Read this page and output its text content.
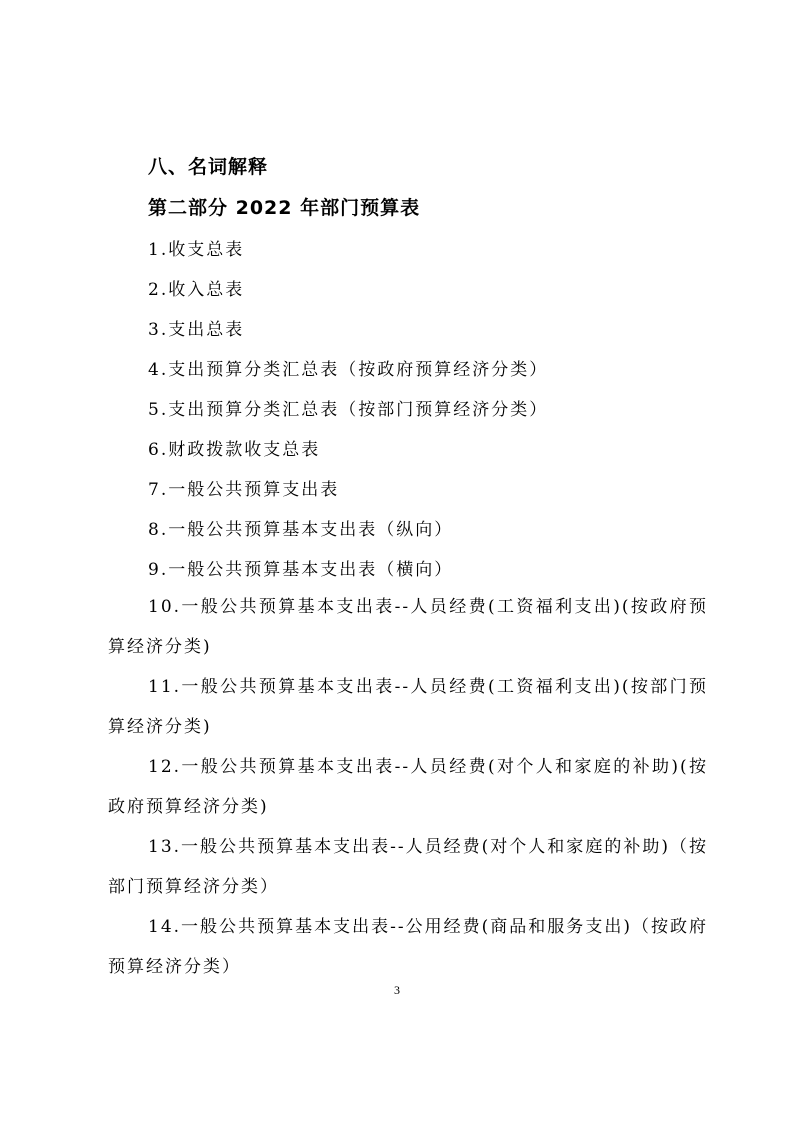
八、名词解释
第二部分 2022 年部门预算表
1.收支总表
2.收入总表
3.支出总表
4.支出预算分类汇总表（按政府预算经济分类）
5.支出预算分类汇总表（按部门预算经济分类）
6.财政拨款收支总表
7.一般公共预算支出表
8.一般公共预算基本支出表（纵向）
9.一般公共预算基本支出表（横向）
10.一般公共预算基本支出表--人员经费(工资福利支出)(按政府预算经济分类)
11.一般公共预算基本支出表--人员经费(工资福利支出)(按部门预算经济分类)
12.一般公共预算基本支出表--人员经费(对个人和家庭的补助)(按政府预算经济分类)
13.一般公共预算基本支出表--人员经费(对个人和家庭的补助)（按部门预算经济分类）
14.一般公共预算基本支出表--公用经费(商品和服务支出)（按政府预算经济分类）
3
